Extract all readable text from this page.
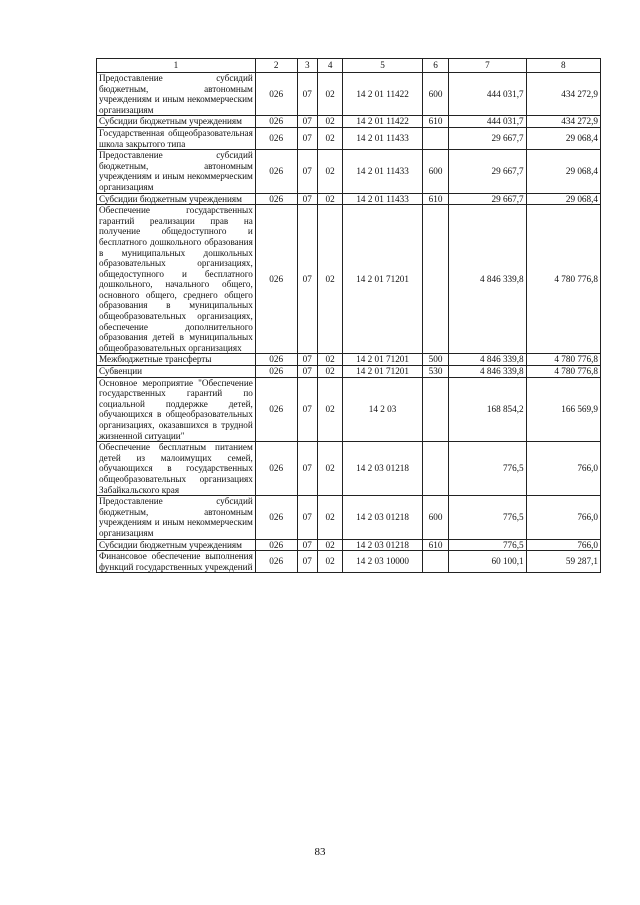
1	2	3	4	5	6	7	8
Предоставление субсидий бюджетным, автономным учреждениям и иным некоммерческим организациям	026	07	02	14 2 01 11422	600	444 031,7	434 272,9
Субсидии бюджетным учреждениям	026	07	02	14 2 01 11422	610	444 031,7	434 272,9
Государственная общеобразовательная школа закрытого типа	026	07	02	14 2 01 11433		29 667,7	29 068,4
Предоставление субсидий бюджетным, автономным учреждениям и иным некоммерческим организациям	026	07	02	14 2 01 11433	600	29 667,7	29 068,4
Субсидии бюджетным учреждениям	026	07	02	14 2 01 11433	610	29 667,7	29 068,4
Обеспечение государственных гарантий реализации прав на получение общедоступного и бесплатного дошкольного образования в муниципальных дошкольных образовательных организациях, общедоступного и бесплатного дошкольного, начального общего, основного общего, среднего общего образования в муниципальных общеобразовательных организациях, обеспечение дополнительного образования детей в муниципальных общеобразовательных организациях	026	07	02	14 2 01 71201		4 846 339,8	4 780 776,8
Межбюджетные трансферты	026	07	02	14 2 01 71201	500	4 846 339,8	4 780 776,8
Субвенции	026	07	02	14 2 01 71201	530	4 846 339,8	4 780 776,8
Основное мероприятие "Обеспечение государственных гарантий по социальной поддержке детей, обучающихся в общеобразовательных организациях, оказавшихся в трудной жизненной ситуации"	026	07	02	14 2 03		168 854,2	166 569,9
Обеспечение бесплатным питанием детей из малоимущих семей, обучающихся в государственных общеобразовательных организациях Забайкальского края	026	07	02	14 2 03 01218		776,5	766,0
Предоставление субсидий бюджетным, автономным учреждениям и иным некоммерческим организациям	026	07	02	14 2 03 01218	600	776,5	766,0
Субсидии бюджетным учреждениям	026	07	02	14 2 03 01218	610	776,5	766,0
Финансовое обеспечение выполнения функций государственных учреждений	026	07	02	14 2 03 10000		60 100,1	59 287,1
83
